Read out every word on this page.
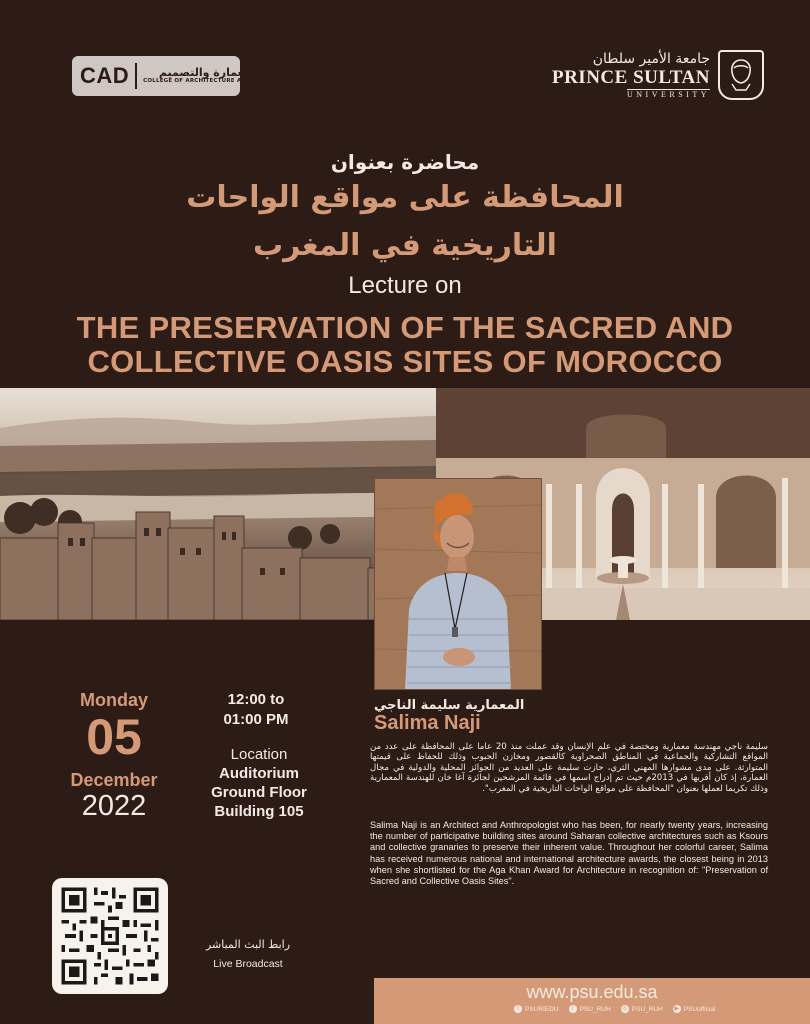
CAD	كلية العمارة والتصميم
COLLEGE OF ARCHITECTURE AND DESIGN
جامعة الأمير سلطان
PRINCE SULTAN
UNIVERSITY
محاضرة بعنوان
المحافظة على مواقع الواحات
التاريخية في المغرب
Lecture on
THE PRESERVATION OF THE SACRED AND
COLLECTIVE OASIS SITES OF MOROCCO
Monday
05
December
2022
12:00 to
01:00 PM
Location
Auditorium
Ground Floor
Building 105
المعمارية سليمة الناجي
Salima Naji
سليمة ناجي مهندسة معمارية ومختصة في علم الإنسان وقد عملت منذ 20 عاما على المحافظة على عدد من المواقع التشاركية والجماعية في المناطق الصحراوية كالقصور ومخازن الحبوب وذلك للحفاظ على قيمتها المتوارثة. على مدى مشوارها المهني الثري، حازت سليمة على العديد من الجوائز المحلية والدولية في مجال العمارة، إذ كان أقربها في 2013م حيث تم إدراج اسمها في قائمة المرشحين لجائزة آغا خان للهندسة المعمارية وذلك تكريما لعملها بعنوان "المحافظة على مواقع الواحات التاريخية في المغرب".
Salima Naji is an Architect and Anthropologist who has been, for nearly twenty years, increasing the number of participative building sites around Saharan collective architectures such as Ksours and collective granaries to preserve their inherent value. Throughout her colorful career, Salima has received numerous national and international architecture awards, the closest being in 2013 when she shortlisted for the Aga Khan Award for Architecture in recognition of: "Preservation of Sacred and Collective Oasis Sites".
رابط البث المباشر
Live Broadcast
www.psu.edu.sa
f PSURIEDU	t PSU_RUH ◎ PSU_RUH ▶ PSUofficial
